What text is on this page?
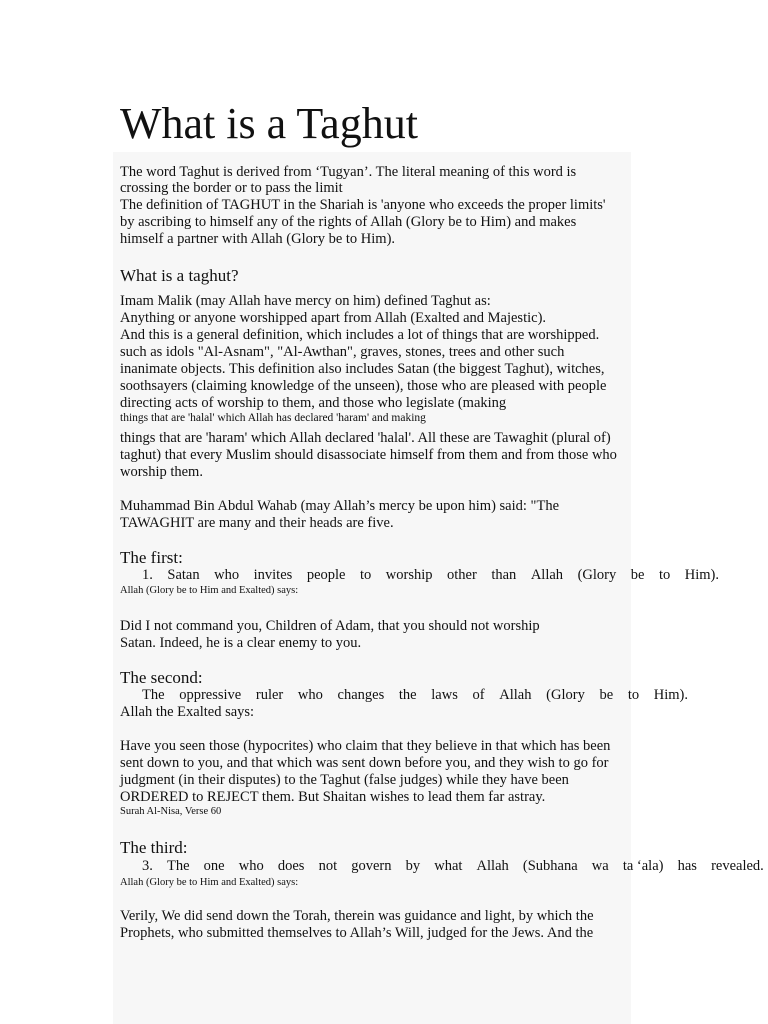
What is a Taghut
The word Taghut is derived from ‘Tugyan’. The literal meaning of this word is
crossing the border or to pass the limit
The definition of TAGHUT in the Shariah is 'anyone who exceeds the proper limits'
by ascribing to himself any of the rights of Allah (Glory be to Him) and makes
himself a partner with Allah (Glory be to Him).
What is a taghut?
Imam Malik (may Allah have mercy on him) defined Taghut as:
Anything or anyone worshipped apart from Allah (Exalted and Majestic).
And this is a general definition, which includes a lot of things that are worshipped.
such as idols "Al-Asnam", "Al-Awthan", graves, stones, trees and other such
inanimate objects. This definition also includes Satan (the biggest Taghut), witches,
soothsayers (claiming knowledge of the unseen), those who are pleased with people
directing acts of worship to them, and those who legislate (making
things that are 'halal' which Allah has declared 'haram' and making
things that are 'haram' which Allah declared 'halal'. All these are Tawaghit (plural of)
taghut) that every Muslim should disassociate himself from them and from those who
worship them.
Muhammad Bin Abdul Wahab (may Allah’s mercy be upon him) said: "The
TAWAGHIT are many and their heads are five.
The first:
1. Satan who invites people to worship other than Allah (Glory be to Him).
Allah (Glory be to Him and Exalted) says:
Did I not command you, Children of Adam, that you should not worship
Satan. Indeed, he is a clear enemy to you.
The second:
The oppressive ruler who changes the laws of Allah (Glory be to Him).
Allah the Exalted says:
Have you seen those (hypocrites) who claim that they believe in that which has been
sent down to you, and that which was sent down before you, and they wish to go for
judgment (in their disputes) to the Taghut (false judges) while they have been
ORDERED to REJECT them. But Shaitan wishes to lead them far astray.
Surah Al-Nisa, Verse 60
The third:
3. The one who does not govern by what Allah (Subhana wa ta ‘ala) has revealed.
Allah (Glory be to Him and Exalted) says:
Verily, We did send down the Torah, therein was guidance and light, by which the
Prophets, who submitted themselves to Allah’s Will, judged for the Jews. And the
